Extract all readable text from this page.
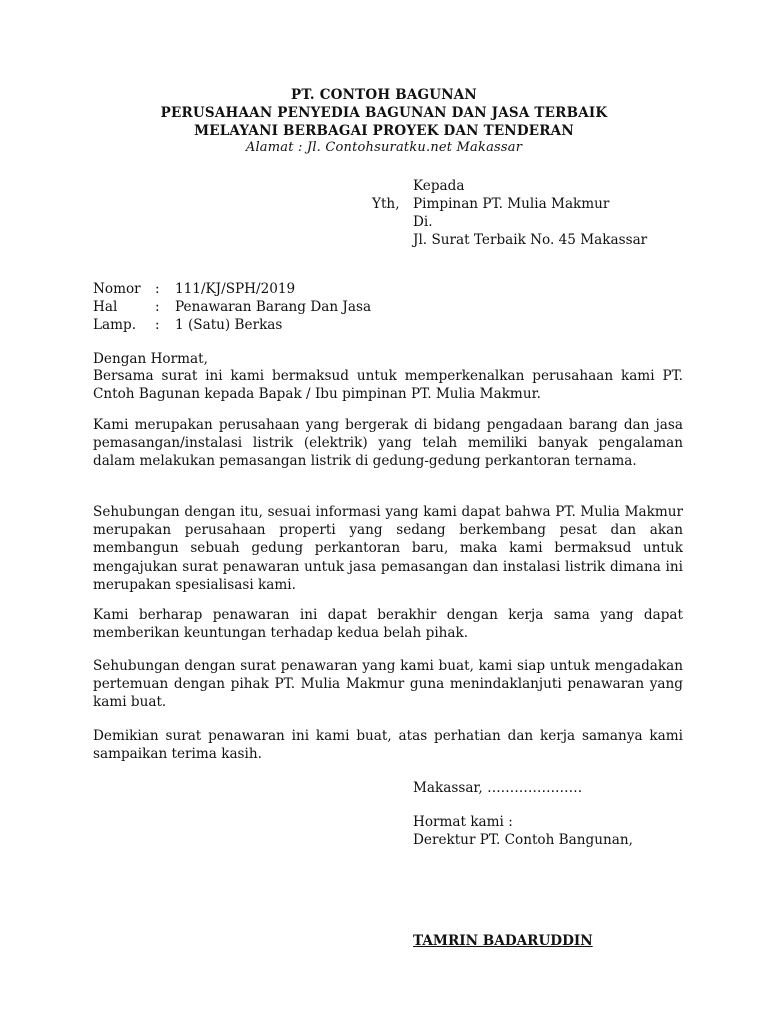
PT. CONTOH BAGUNAN
PERUSAHAAN PENYEDIA BAGUNAN DAN JASA TERBAIK
MELAYANI BERBAGAI PROYEK DAN TENDERAN
Alamat : Jl. Contohsuratku.net Makassar
Kepada
Yth, Pimpinan PT. Mulia Makmur
Di.
Jl. Surat Terbaik No. 45 Makassar
Nomor : 111/KJ/SPH/2019
Hal	: Penawaran Barang Dan Jasa
Lamp. : 1 (Satu) Berkas
Dengan Hormat,
Bersama surat ini kami bermaksud untuk memperkenalkan perusahaan kami PT. Cntoh Bagunan kepada Bapak / Ibu pimpinan PT. Mulia Makmur.
Kami merupakan perusahaan yang bergerak di bidang pengadaan barang dan jasa pemasangan/instalasi listrik (elektrik) yang telah memiliki banyak pengalaman dalam melakukan pemasangan listrik di gedung-gedung perkantoran ternama.
Sehubungan dengan itu, sesuai informasi yang kami dapat bahwa PT. Mulia Makmur merupakan perusahaan properti yang sedang berkembang pesat dan akan membangun sebuah gedung perkantoran baru, maka kami bermaksud untuk mengajukan surat penawaran untuk jasa pemasangan dan instalasi listrik dimana ini merupakan spesialisasi kami.
Kami berharap penawaran ini dapat berakhir dengan kerja sama yang dapat memberikan keuntungan terhadap kedua belah pihak.
Sehubungan dengan surat penawaran yang kami buat, kami siap untuk mengadakan pertemuan dengan pihak PT. Mulia Makmur guna menindaklanjuti penawaran yang kami buat.
Demikian surat penawaran ini kami buat, atas perhatian dan kerja samanya kami sampaikan terima kasih.
Makassar, …………………
Hormat kami :
Derektur PT. Contoh Bangunan,
TAMRIN BADARUDDIN
